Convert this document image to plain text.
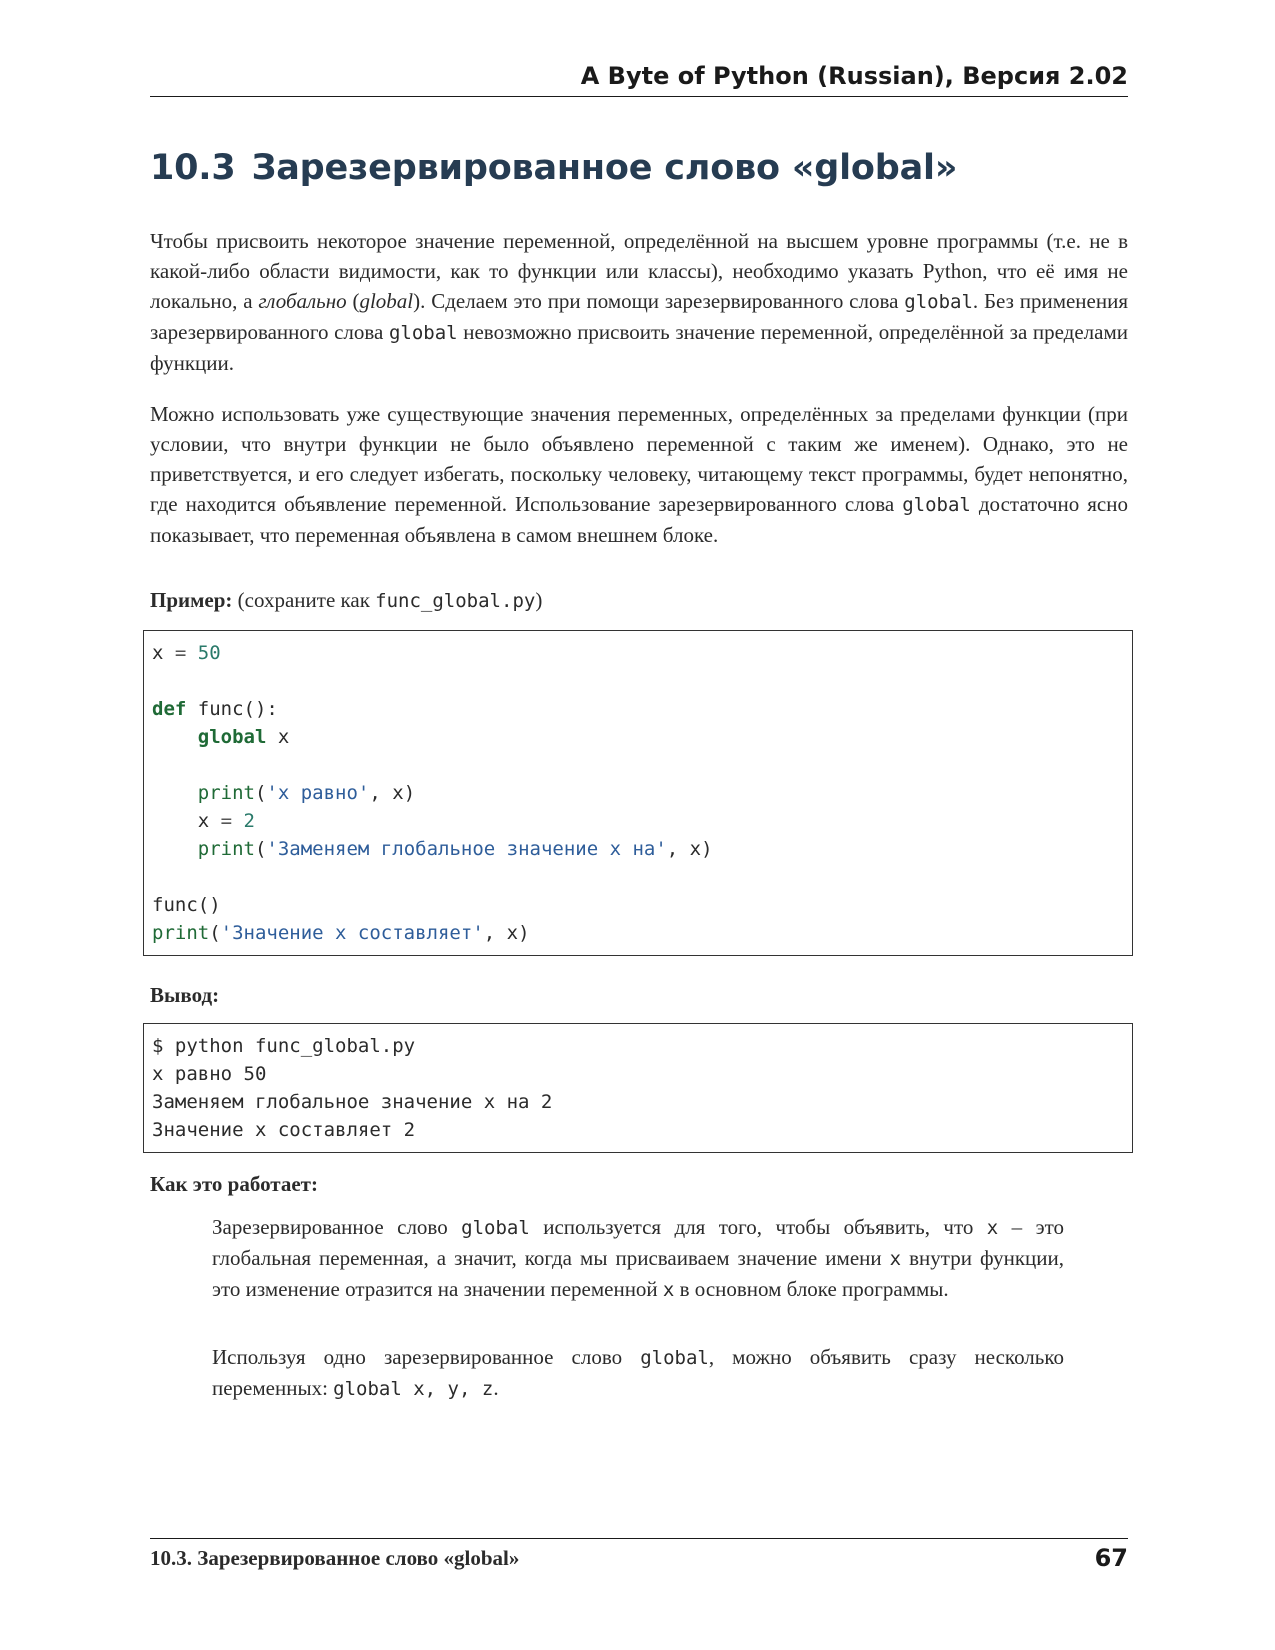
A Byte of Python (Russian), Версия 2.02
10.3 Зарезервированное слово «global»

Чтобы присвоить некоторое значение переменной, определённой на высшем уровне программы (т.е. не в какой-либо области видимости, как то функции или классы), необходимо указать Python, что её имя не локально, а глобально (global). Сделаем это при помощи зарезервированного слова global. Без применения зарезервированного слова global невозможно присвоить значение переменной, определённой за пределами функции.

Можно использовать уже существующие значения переменных, определённых за пределами функции (при условии, что внутри функции не было объявлено переменной с таким же именем). Однако, это не приветствуется, и его следует избегать, поскольку человеку, читающему текст программы, будет непонятно, где находится объявление переменной. Использование зарезервированного слова global достаточно ясно показывает, что переменная объявлена в самом внешнем блоке.

Пример: (сохраните как func_global.py)

x = 50

def func():
global x

print('x равно', x)
x = 2
print('Заменяем глобальное значение x на', x)

func()
print('Значение x составляет', x)

Вывод:

$ python func_global.py
x равно 50
Заменяем глобальное значение x на 2
Значение x составляет 2

Как это работает:

Зарезервированное слово global используется для того, чтобы объявить, что x – это глобальная переменная, а значит, когда мы присваиваем значение имени x внутри функции, это изменение отразится на значении переменной x в основном блоке программы.

Используя одно зарезервированное слово global, можно объявить сразу несколько переменных: global x, y, z.

10.3. Зарезервированное слово «global»	67
